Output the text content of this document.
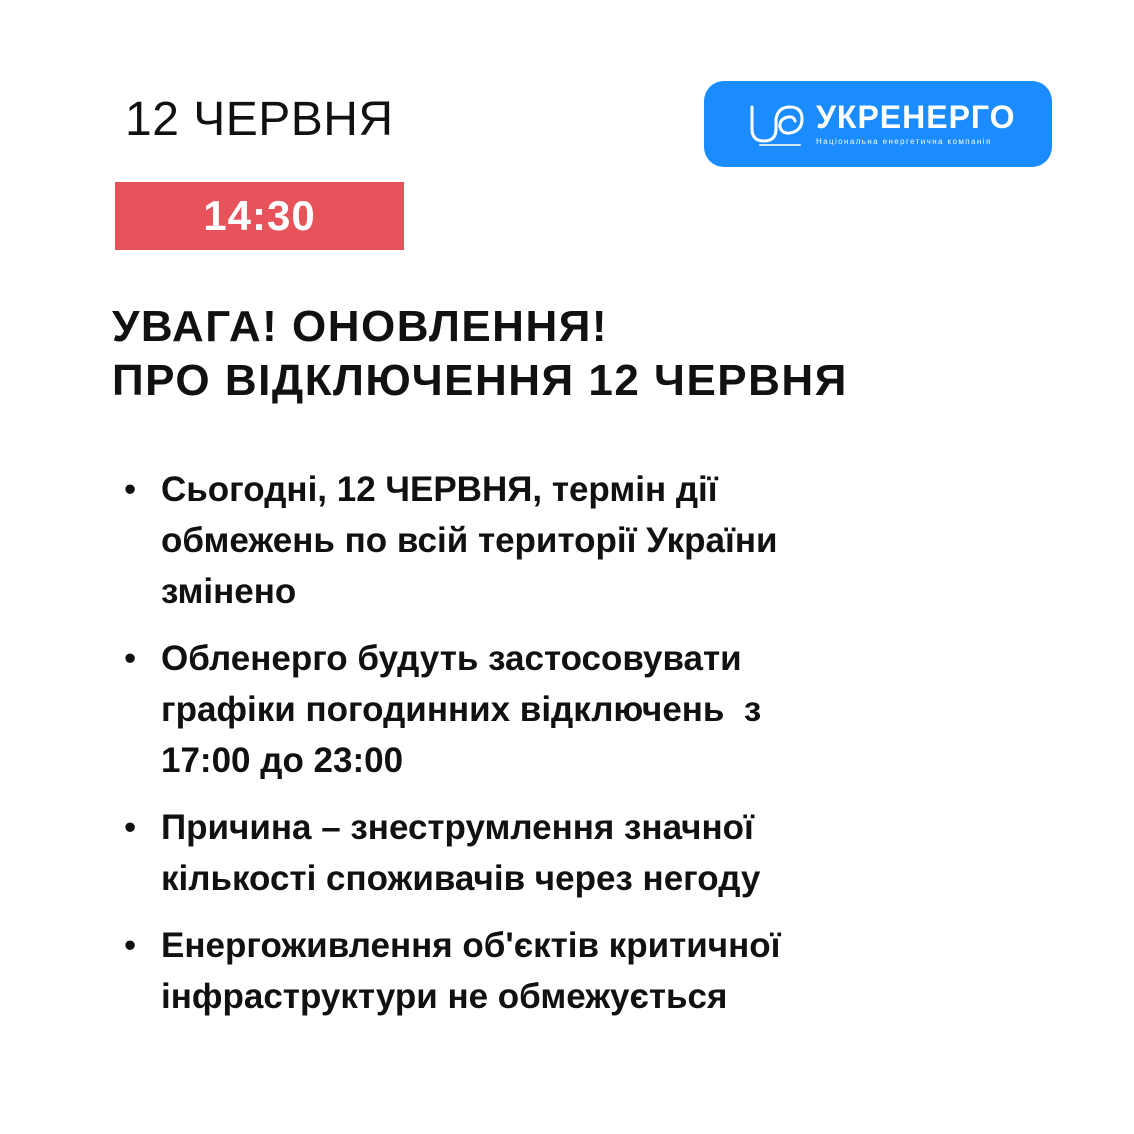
12 ЧЕРВНЯ
14:30
УКРЕНЕРГО
Національна енергетична компанія
УВАГА! ОНОВЛЕННЯ!
ПРО ВІДКЛЮЧЕННЯ 12 ЧЕРВНЯ
• Сьогодні, 12 ЧЕРВНЯ, термін дії
обмежень по всій території України
змінено
• Обленерго будуть застосовувати
графіки погодинних відключень  з
17:00 до 23:00
• Причина – знеструмлення значної
кількості споживачів через негоду
• Енергоживлення об'єктів критичної
інфраструктури не обмежується
